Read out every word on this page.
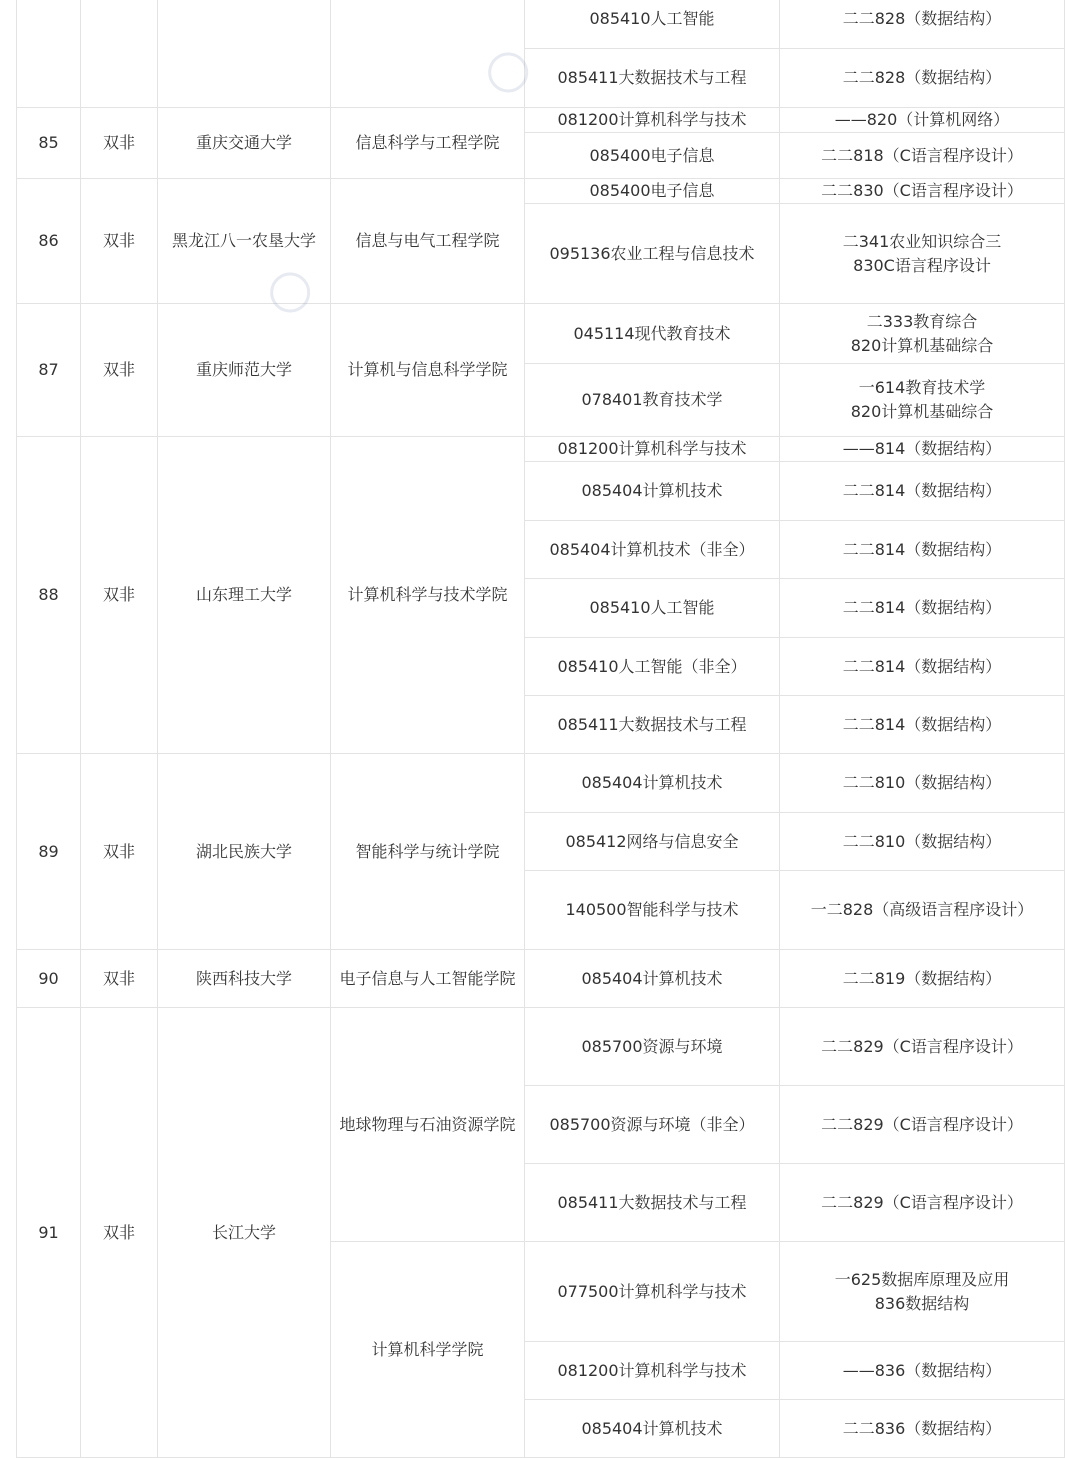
				085410人工智能	二二828（数据结构）
				085411大数据技术与工程	二二828（数据结构）
85	双非	重庆交通大学	信息科学与工程学院	081200计算机科学与技术	——820（计算机网络）
				085400电子信息	二二818（C语言程序设计）
86	双非	黑龙江八一农垦大学	信息与电气工程学院	085400电子信息	二二830（C语言程序设计）
				095136农业工程与信息技术	二341农业知识综合三
830C语言程序设计

87	双非	重庆师范大学	计算机与信息科学学院	045114现代教育技术	二333教育综合
820计算机基础综合

				078401教育技术学	一614教育技术学
820计算机基础综合

88	双非	山东理工大学	计算机科学与技术学院	081200计算机科学与技术	——814（数据结构）
				085404计算机技术	二二814（数据结构）
				085404计算机技术（非全）	二二814（数据结构）
				085410人工智能	二二814（数据结构）
				085410人工智能（非全）	二二814（数据结构）
				085411大数据技术与工程	二二814（数据结构）
89	双非	湖北民族大学	智能科学与统计学院	085404计算机技术	二二810（数据结构）
				085412网络与信息安全	二二810（数据结构）
				140500智能科学与技术	一二828（高级语言程序设计）
90	双非	陕西科技大学	电子信息与人工智能学院	085404计算机技术	二二819（数据结构）
91	双非	长江大学	地球物理与石油资源学院	085700资源与环境	二二829（C语言程序设计）
				085700资源与环境（非全）	二二829（C语言程序设计）
				085411大数据技术与工程	二二829（C语言程序设计）
			计算机科学学院	077500计算机科学与技术	一625数据库原理及应用
836数据结构

				081200计算机科学与技术	——836（数据结构）
				085404计算机技术	二二836（数据结构）
